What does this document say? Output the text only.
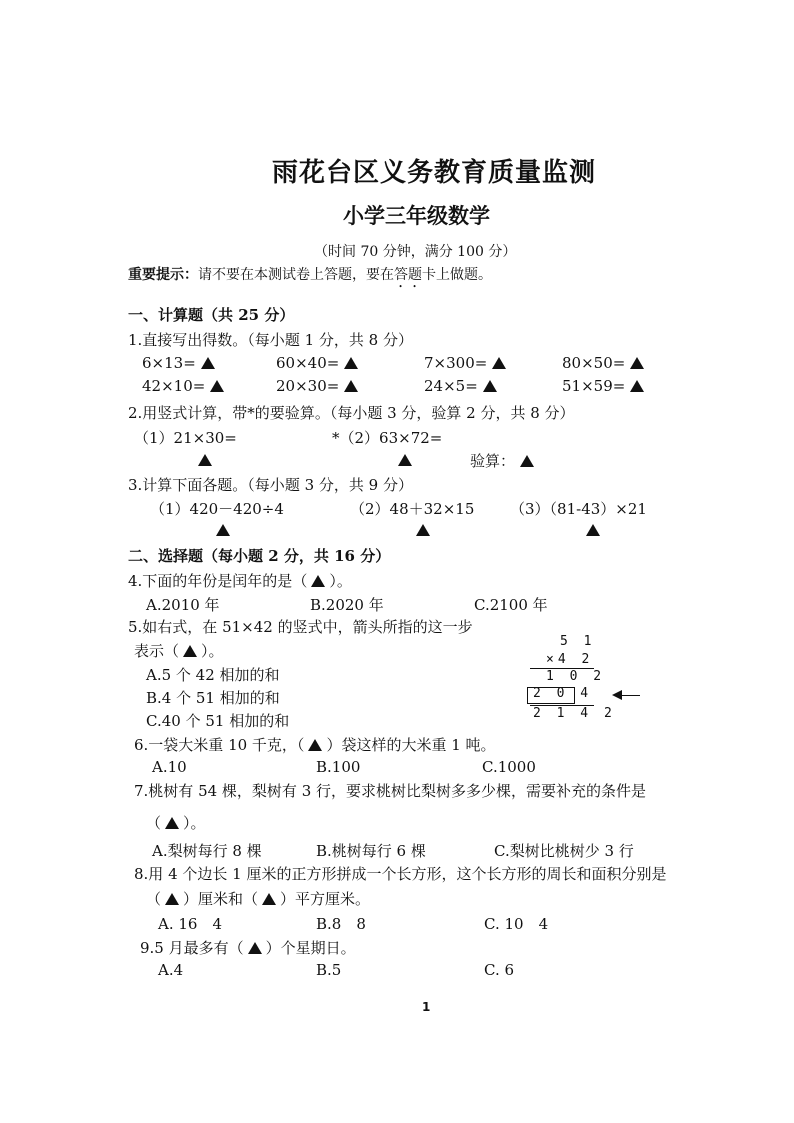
雨花台区义务教育质量监测
小学三年级数学
（时间 70 分钟，满分 100 分）
重要提示：请不要在本测试卷上答题，要在答题卡上做题。
一、计算题（共 25 分）
1.直接写出得数。（每小题 1 分，共 8 分）
6×13=	60×40=	7×300=	80×50=
42×10=	20×30=	24×5=	51×59=
2.用竖式计算，带*的要验算。（每小题 3 分，验算 2 分，共 8 分）
（1）21×30=	*（2）63×72=
验算：
3.计算下面各题。（每小题 3 分，共 9 分）
（1）420－420÷4	（2）48＋32×15 （3）（81-43）×21
二、选择题（每小题 2 分，共 16 分）
4.下面的年份是闰年的是（ ）。
A.2010 年	B.2020 年	C.2100 年
5.如右式，在 51×42 的竖式中，箭头所指的这一步
表示（ ）。
A.5 个 42 相加的和
B.4 个 51 相加的和
C.40 个 51 相加的和
5 1
×4 2
1 0 2
2 0 4
2 1 4 2
6.一袋大米重 10 千克，（ ）袋这样的大米重 1 吨。
A.10	B.100	C.1000
7.桃树有 54 棵，梨树有 3 行，要求桃树比梨树多多少棵，需要补充的条件是
（ ）。
A.梨树每行 8 棵	B.桃树每行 6 棵	C.梨树比桃树少 3 行
8.用 4 个边长 1 厘米的正方形拼成一个长方形，这个长方形的周长和面积分别是
（ ）厘米和（ ）平方厘米。
A. 16　4	B.8　8	C. 10　4
9.5 月最多有（ ）个星期日。
A.4	B.5	C. 6
1
